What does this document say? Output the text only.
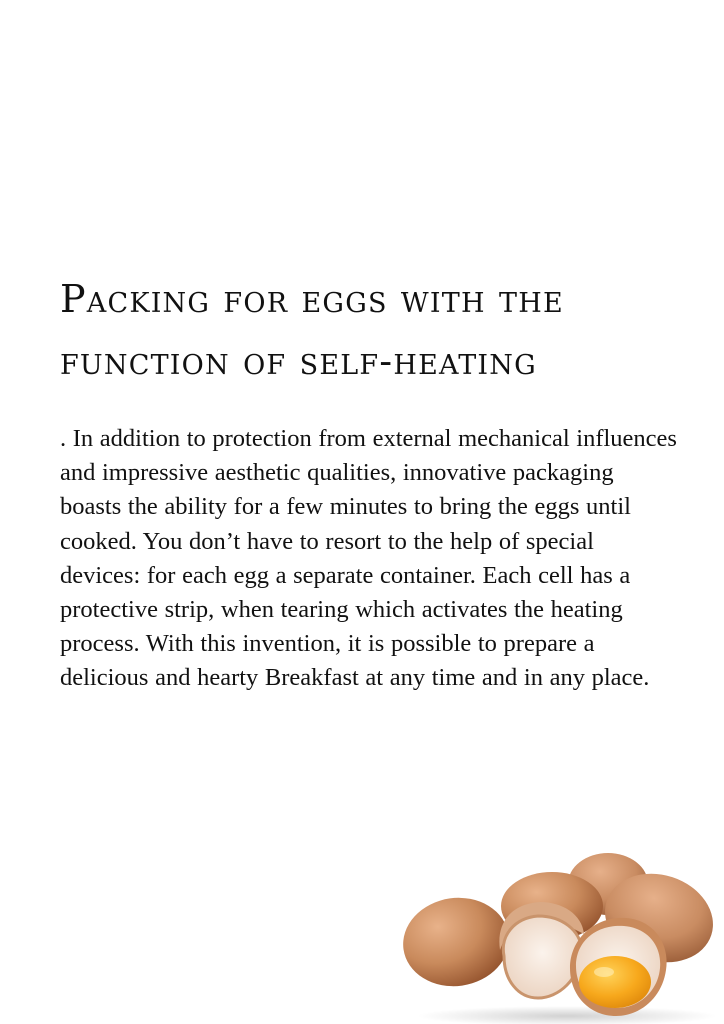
Packing for eggs with the function of self-heating

. In addition to protection from external mechanical influences and impressive aesthetic qualities, innovative packaging boasts the ability for a few minutes to bring the eggs until cooked. You don’t have to resort to the help of special devices: for each egg a separate container. Each cell has a protective strip, when tearing which activates the heating process. With this invention, it is possible to prepare a delicious and hearty Breakfast at any time and in any place.
